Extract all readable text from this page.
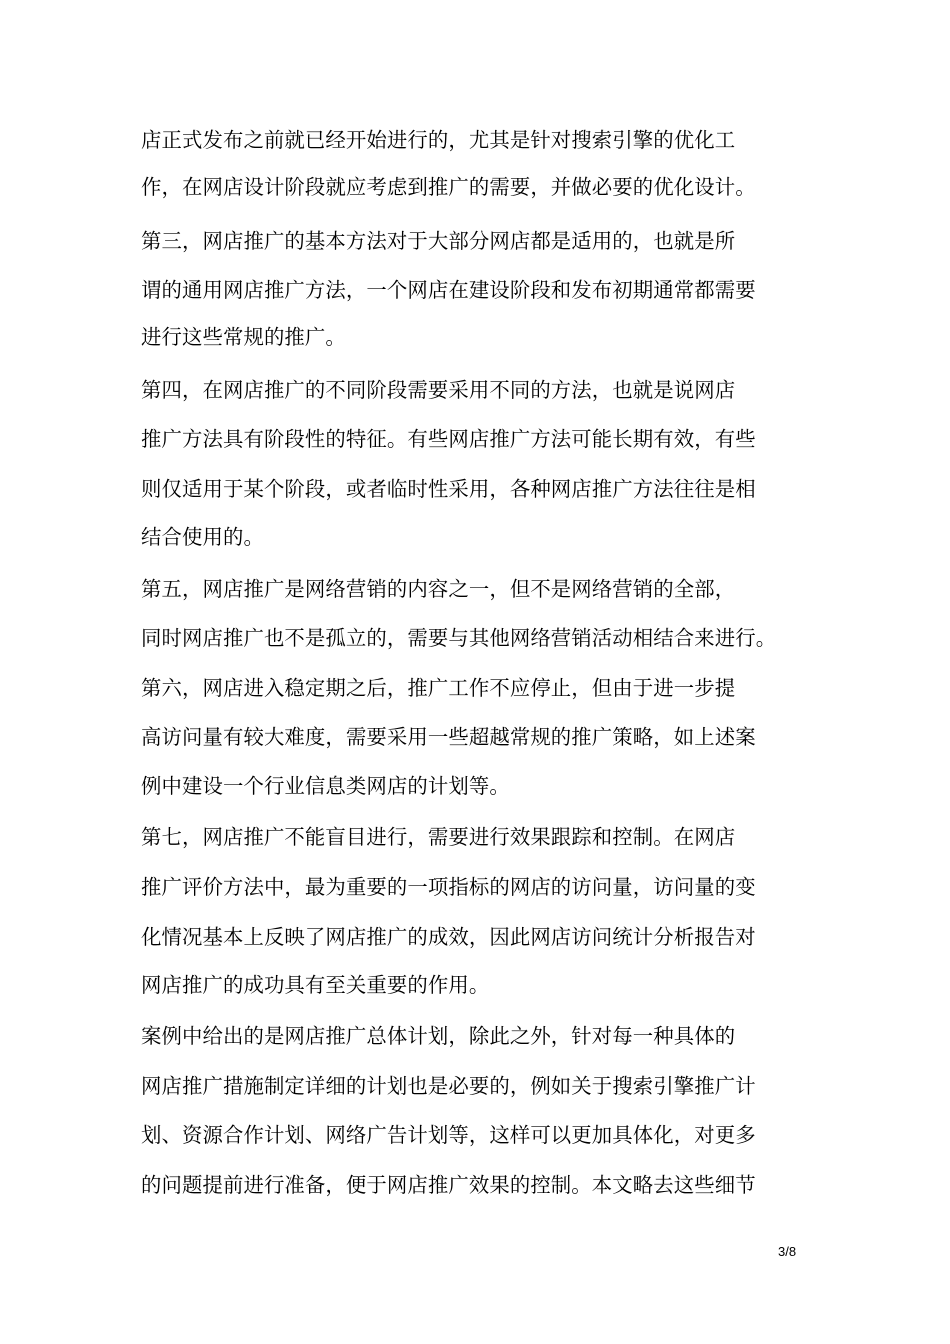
店正式发布之前就已经开始进行的，尤其是针对搜索引擎的优化工
作，在网店设计阶段就应考虑到推广的需要，并做必要的优化设计。
第三，网店推广的基本方法对于大部分网店都是适用的，也就是所
谓的通用网店推广方法，一个网店在建设阶段和发布初期通常都需要
进行这些常规的推广。
第四，在网店推广的不同阶段需要采用不同的方法，也就是说网店
推广方法具有阶段性的特征。有些网店推广方法可能长期有效，有些
则仅适用于某个阶段，或者临时性采用，各种网店推广方法往往是相
结合使用的。
第五，网店推广是网络营销的内容之一，但不是网络营销的全部，
同时网店推广也不是孤立的，需要与其他网络营销活动相结合来进行。
第六，网店进入稳定期之后，推广工作不应停止，但由于进一步提
高访问量有较大难度，需要采用一些超越常规的推广策略，如上述案
例中建设一个行业信息类网店的计划等。
第七，网店推广不能盲目进行，需要进行效果跟踪和控制。在网店
推广评价方法中，最为重要的一项指标的网店的访问量，访问量的变
化情况基本上反映了网店推广的成效，因此网店访问统计分析报告对
网店推广的成功具有至关重要的作用。
案例中给出的是网店推广总体计划，除此之外，针对每一种具体的
网店推广措施制定详细的计划也是必要的，例如关于搜索引擎推广计
划、资源合作计划、网络广告计划等，这样可以更加具体化，对更多
的问题提前进行准备，便于网店推广效果的控制。本文略去这些细节
3/8
